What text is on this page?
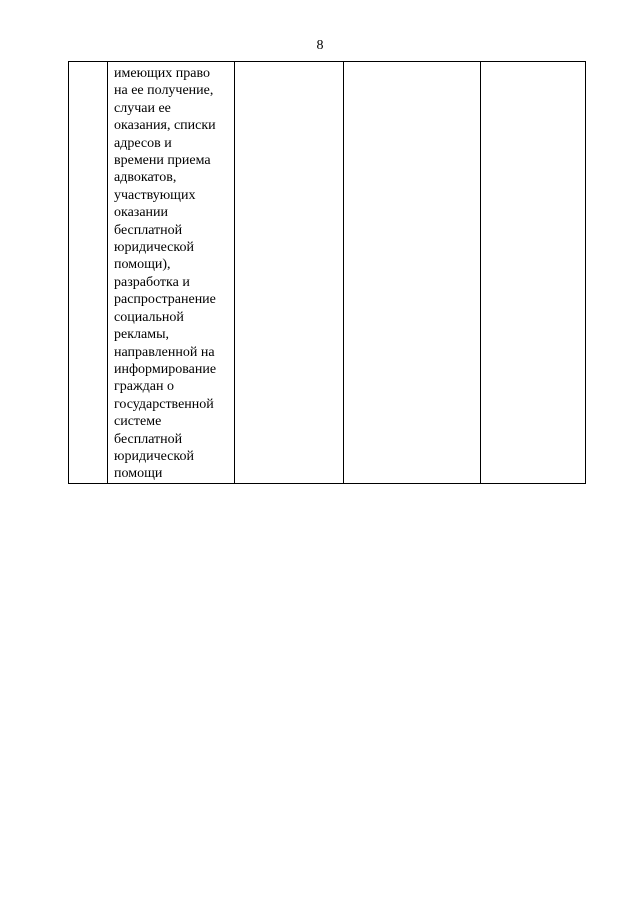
8

имеющих право
на ее получение,
случаи ее
оказания, списки
адресов и
времени приема
адвокатов,
участвующих
оказании
бесплатной
юридической
помощи),
разработка и
распространение
социальной
рекламы,
направленной на
информирование
граждан о
государственной
системе
бесплатной
юридической
помощи
